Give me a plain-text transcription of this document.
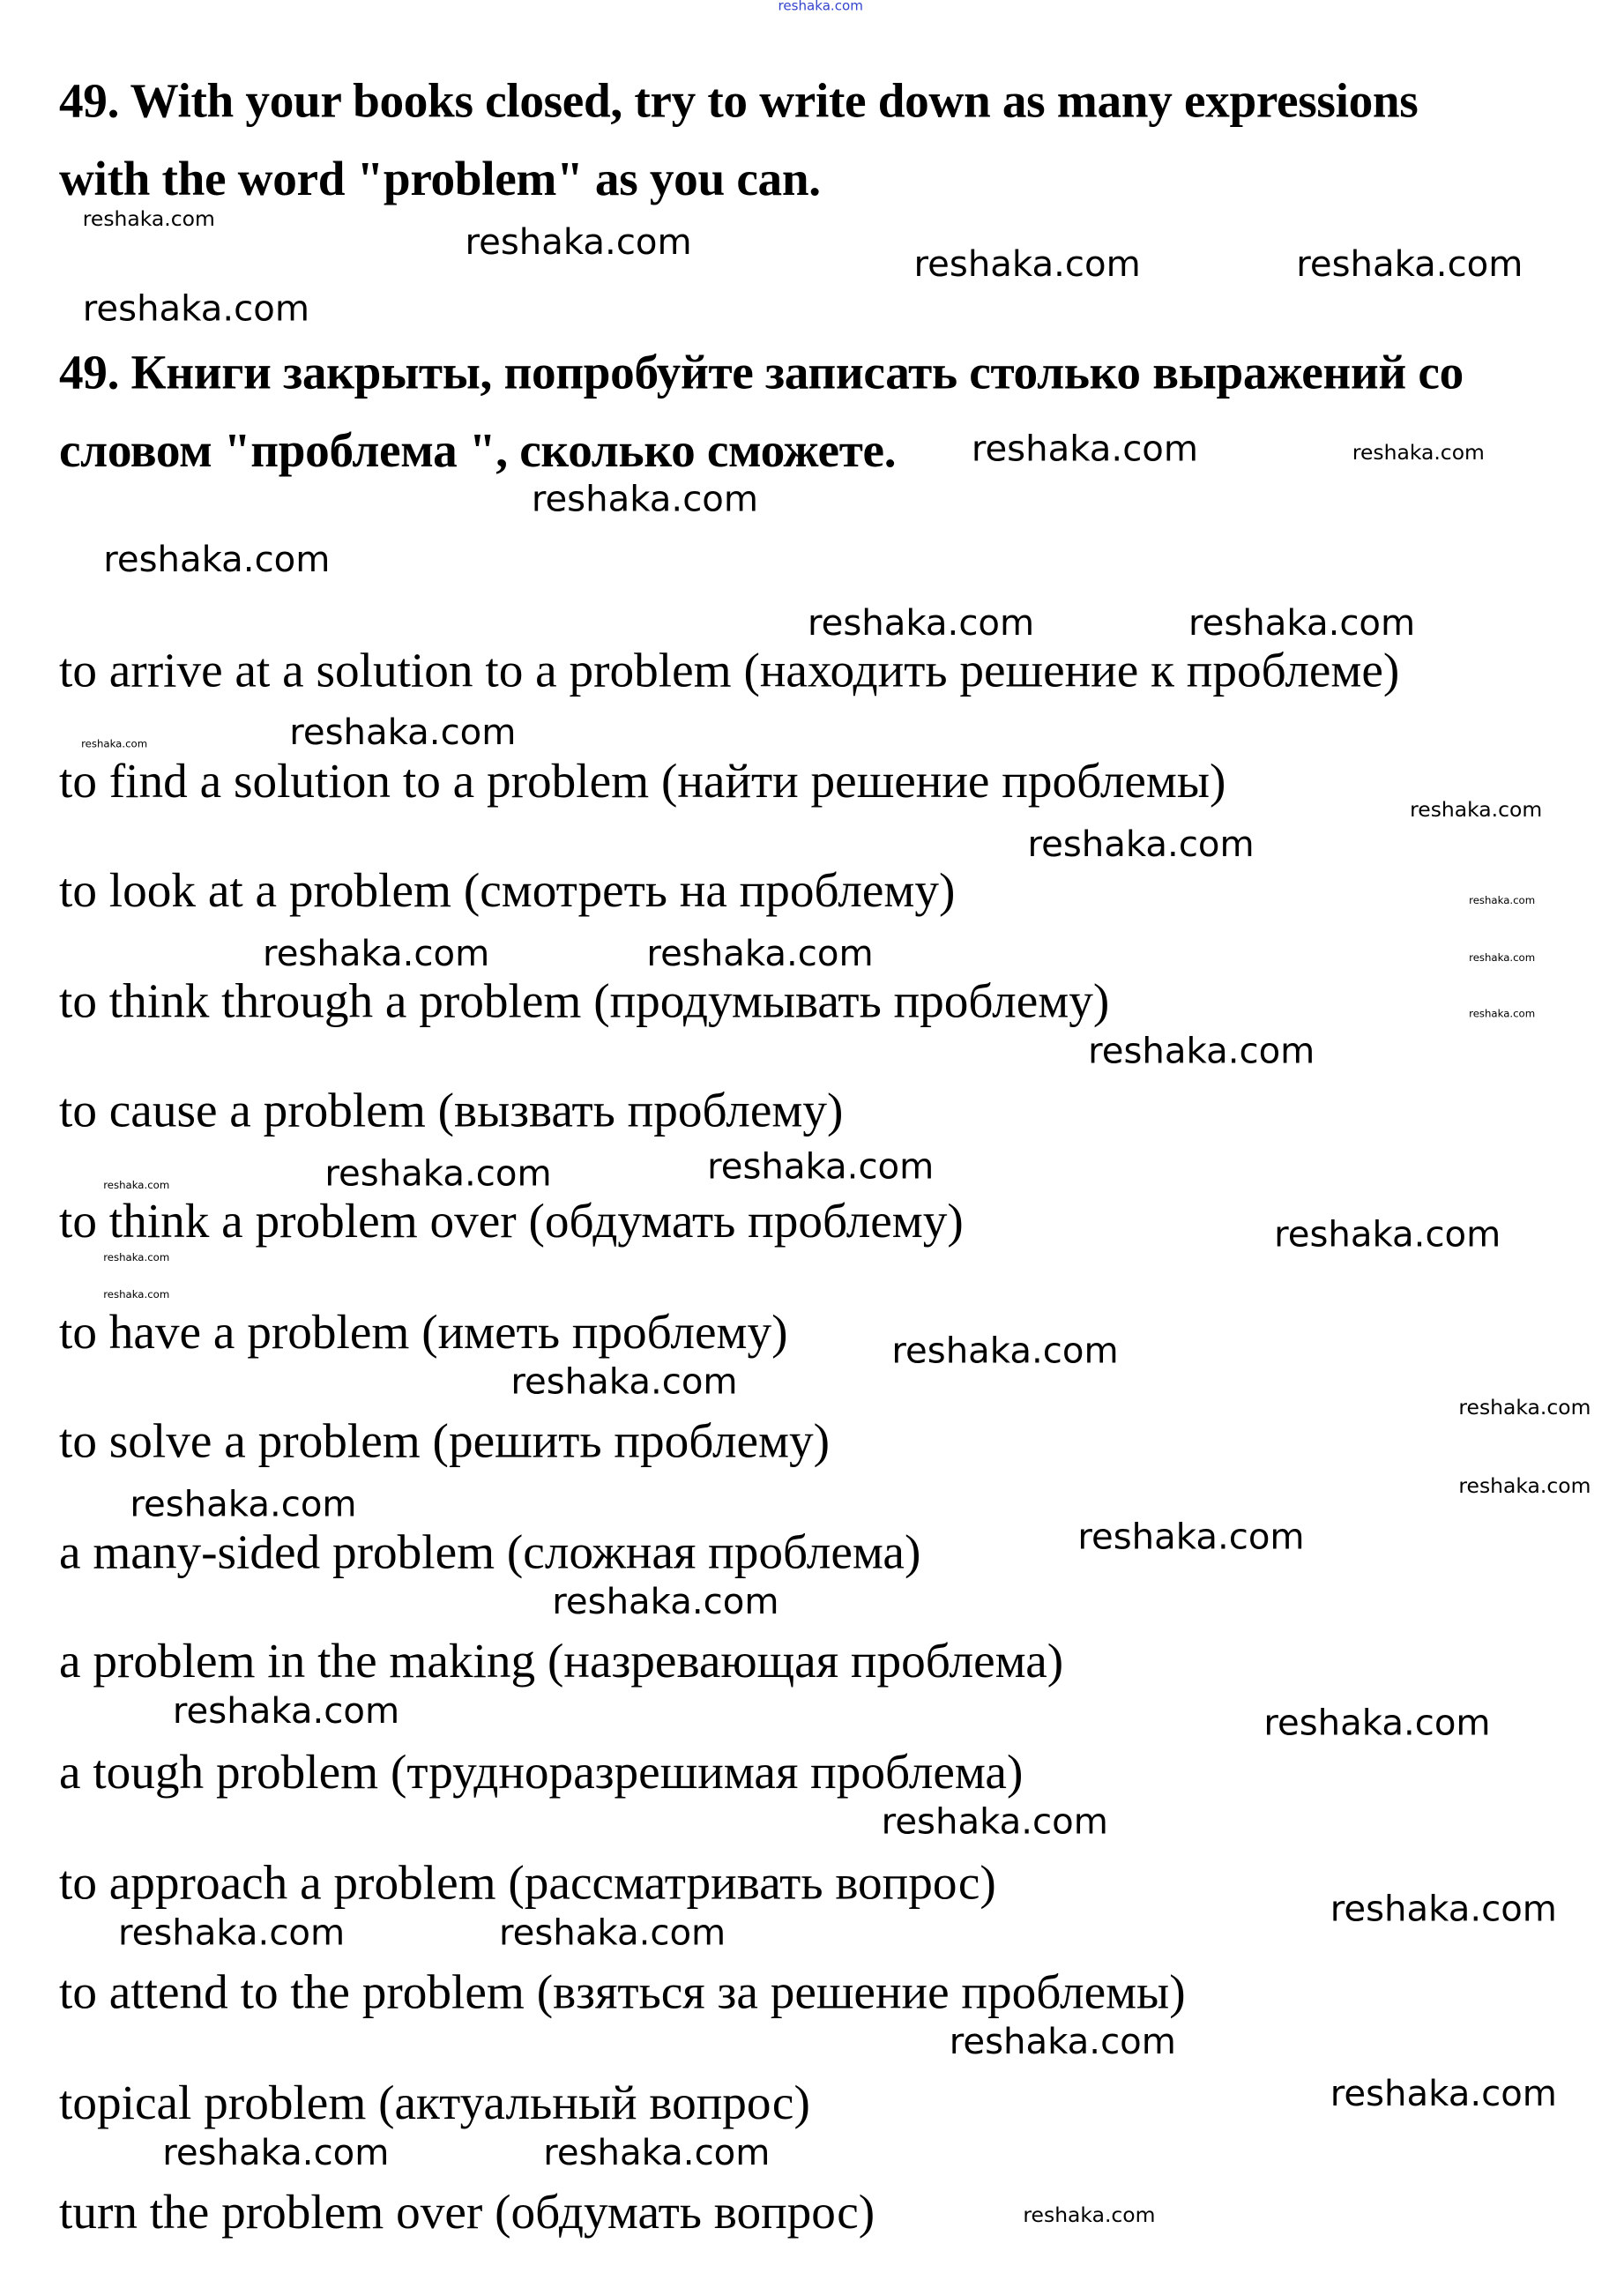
49. With your books closed, try to write down as many expressions
with the word "problem" as you can.
49. Книги закрыты, попробуйте записать столько выражений со
словом "проблема ", сколько сможете.
to arrive at a solution to a problem (находить решение к проблеме)
to find a solution to a problem (найти решение проблемы)
to look at a problem (смотреть на проблему)
to think through a problem (продумывать проблему)
to cause a problem (вызвать проблему)
to think a problem over (обдумать проблему)
to have a problem (иметь проблему)
to solve a problem (решить проблему)
a many-sided problem (сложная проблема)
a problem in the making (назревающая проблема)
a tough problem (трудноразрешимая проблема)
to approach a problem (рассматривать вопрос)
to attend to the problem (взяться за решение проблемы)
topical problem (актуальный вопрос)
turn the problem over (обдумать вопрос)
reshaka.com
reshaka.com
reshaka.com
reshaka.com	reshaka.com
reshaka.com
reshaka.com
reshaka.com	reshaka.com
reshaka.com
reshaka.com	reshaka.com
reshaka.com	reshaka.com
reshaka.com
reshaka.com
reshaka.com
reshaka.com	reshaka.com	reshaka.com
reshaka.com
reshaka.com
reshaka.com	reshaka.com	reshaka.com
reshaka.com
reshaka.com
reshaka.com
reshaka.com
reshaka.com
reshaka.com
reshaka.com
reshaka.com
reshaka.com
reshaka.com
reshaka.com	reshaka.com
reshaka.com
reshaka.com	reshaka.com
reshaka.com
reshaka.com
reshaka.com
reshaka.com	reshaka.com
reshaka.com
